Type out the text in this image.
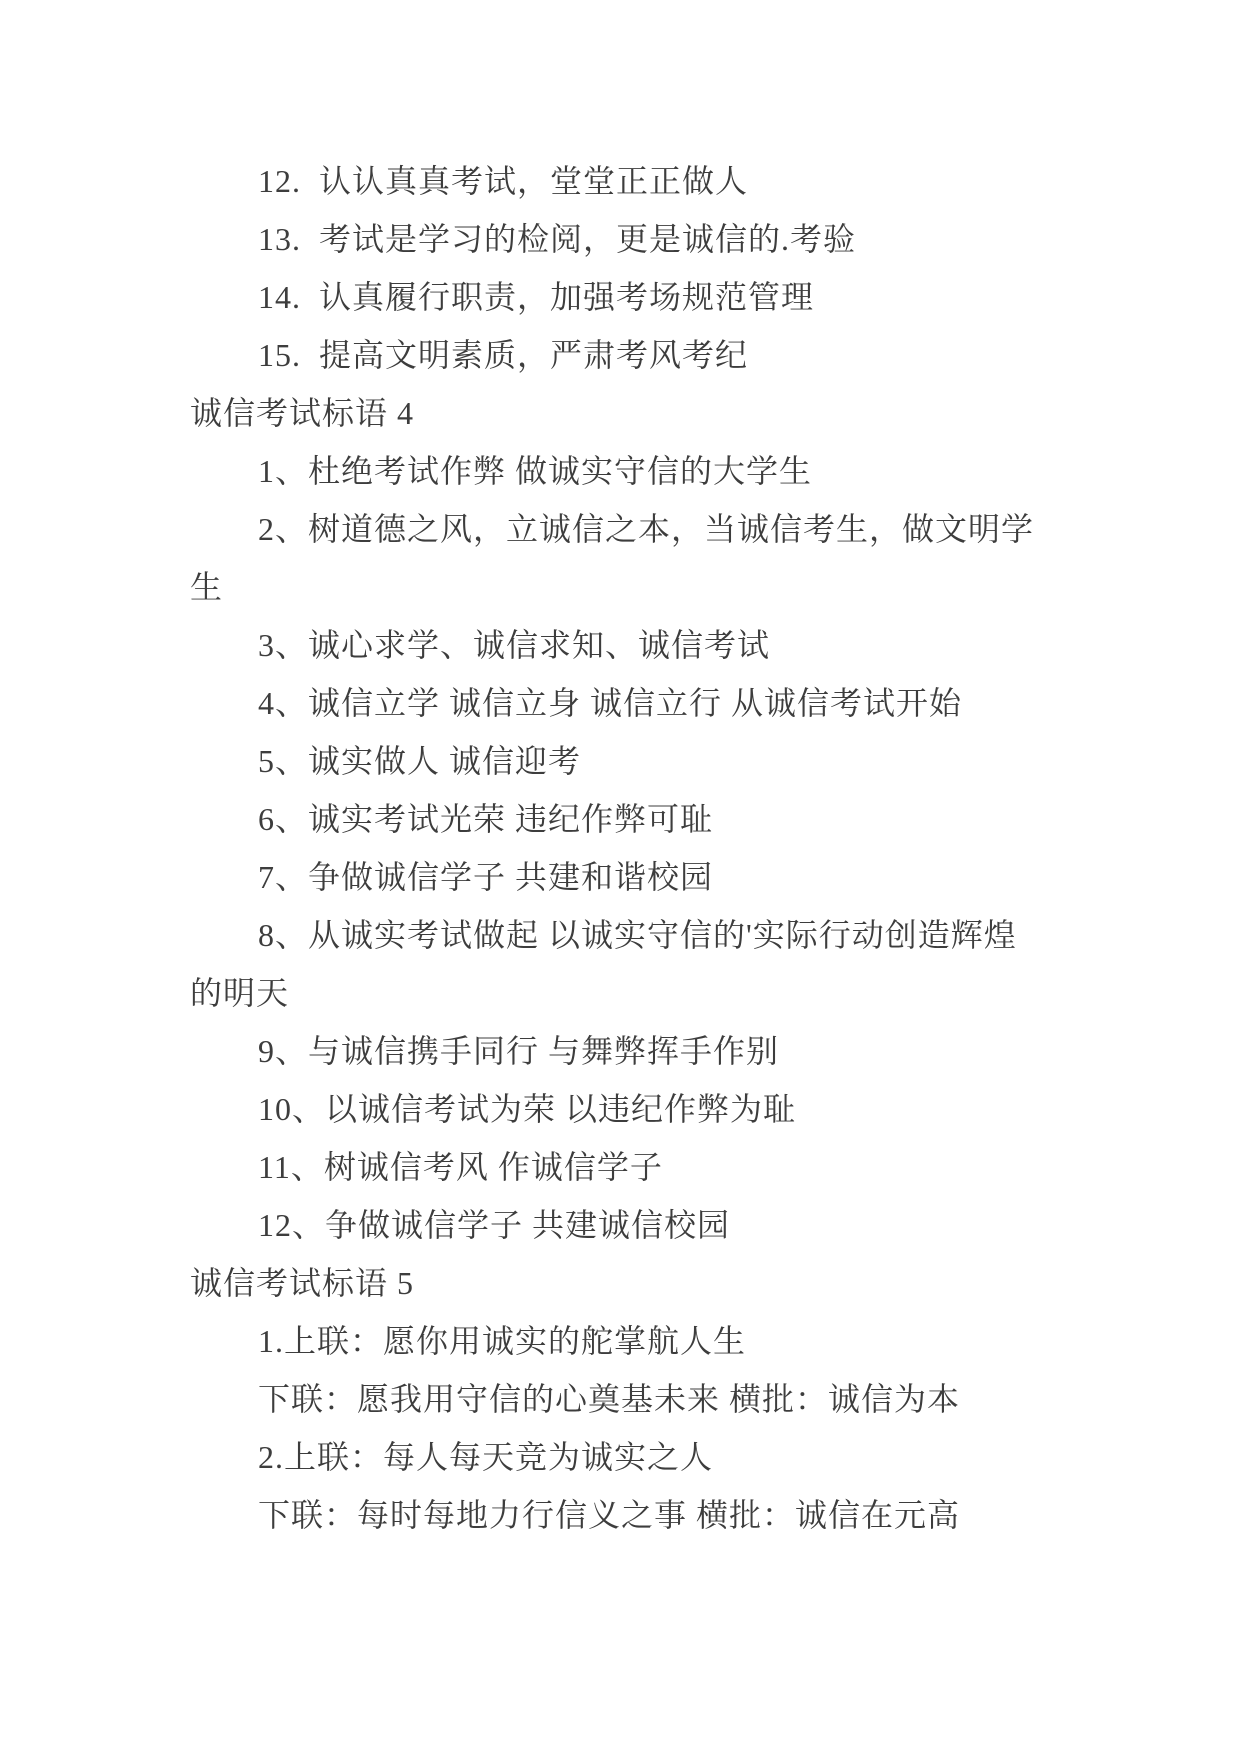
12.  认认真真考试，堂堂正正做人
13.  考试是学习的检阅，更是诚信的.考验
14.  认真履行职责，加强考场规范管理
15.  提高文明素质，严肃考风考纪
诚信考试标语 4
1、杜绝考试作弊 做诚实守信的大学生
2、树道德之风，立诚信之本，当诚信考生，做文明学
生
3、诚心求学、诚信求知、诚信考试
4、诚信立学 诚信立身 诚信立行 从诚信考试开始
5、诚实做人 诚信迎考
6、诚实考试光荣 违纪作弊可耻
7、争做诚信学子 共建和谐校园
8、从诚实考试做起 以诚实守信的'实际行动创造辉煌
的明天
9、与诚信携手同行 与舞弊挥手作别
10、以诚信考试为荣 以违纪作弊为耻
11、树诚信考风 作诚信学子
12、争做诚信学子 共建诚信校园
诚信考试标语 5
1.上联：愿你用诚实的舵掌航人生
下联：愿我用守信的心奠基未来 横批：诚信为本
2.上联：每人每天竞为诚实之人
下联：每时每地力行信义之事 横批：诚信在元高
